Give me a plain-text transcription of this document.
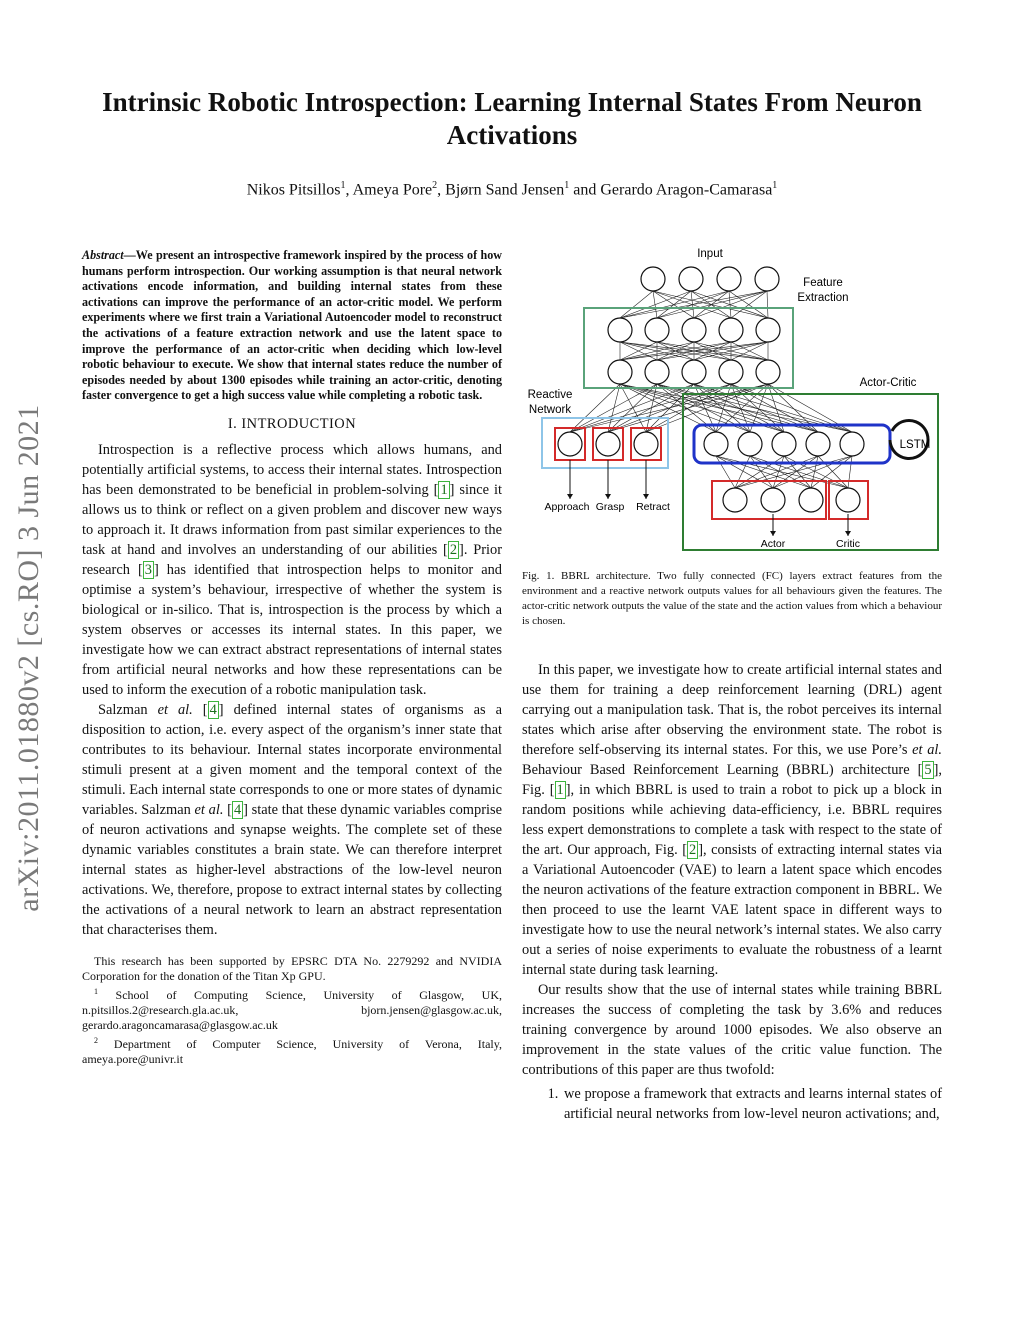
arXiv:2011.01880v2 [cs.RO] 3 Jun 2021
Intrinsic Robotic Introspection: Learning Internal States From Neuron Activations
Nikos Pitsillos$^1$, Ameya Pore$^2$, Bjørn Sand Jensen$^1$ and Gerardo Aragon-Camarasa$^1$

Abstract—We present an introspective framework inspired by the process of how humans perform introspection. Our working assumption is that neural network activations encode information, and building internal states from these activations can improve the performance of an actor-critic model. We perform experiments where we first train a Variational Autoencoder model to reconstruct the activations of a feature extraction network and use the latent space to improve the performance of an actor-critic when deciding which low-level robotic behaviour to execute. We show that internal states reduce the number of episodes needed by about 1300 episodes while training an actor-critic, denoting faster convergence to get a high success value while completing a robotic task.

I. INTRODUCTION

Introspection is a reflective process which allows humans, and potentially artificial systems, to access their internal states. Introspection has been demonstrated to be beneficial in problem-solving [ 1 ] since it allows us to think or reflect on a given problem and discover new ways to approach it. It draws information from past similar experiences to the task at hand and involves an understanding of our abilities [ 2 ]. Prior research [ 3 ] has identified that introspection helps to monitor and optimise a system’s behaviour, irrespective of whether the system is biological or in-silico. That is, introspection is the process by which a system observes or accesses its internal states. In this paper, we investigate how we can extract abstract representations of internal states from artificial neural networks and how these representations can be used to inform the execution of a robotic manipulation task.

Salzman et al. [ 4 ] defined internal states of organisms as a disposition to action, i.e. every aspect of the organism’s inner state that contributes to its behaviour. Internal states incorporate environmental stimuli present at a given moment and the temporal context of the stimuli. Each internal state corresponds to one or more states of dynamic variables. Salzman et al. [ 4 ] state that these dynamic variables comprise of neuron activations and synapse weights. The complete set of these dynamic variables constitutes a brain state. We can therefore interpret internal states as higher-level abstractions of the low-level neuron activations. We, therefore, propose to extract internal states by collecting the activations of a neural network to learn an abstract representation that characterises them.

This research has been supported by EPSRC DTA No. 2279292 and NVIDIA Corporation for the donation of the Titan Xp GPU.

$^1$ School of Computing Science, University of Glasgow, UK, n.pitsillos.2@research.gla.ac.uk, bjorn.jensen@glasgow.ac.uk, gerardo.aragoncamarasa@glasgow.ac.uk

$^2$ Department of Computer Science, University of Verona, Italy, ameya.pore@univr.it

Input
Feature
Extraction
Actor-Critic
Reactive
Network
LSTM
Approach Grasp Retract
Actor	Critic
Fig. 1. BBRL architecture. Two fully connected (FC) layers extract features from the environment and a reactive network outputs values for all behaviours given the features. The actor-critic network outputs the value of the state and the action values from which a behaviour is chosen.

In this paper, we investigate how to create artificial internal states and use them for training a deep reinforcement learning (DRL) agent carrying out a manipulation task. That is, the robot perceives its internal states which arise after observing the environment state. The robot is therefore self-observing its internal states. For this, we use Pore’s et al. Behaviour Based Reinforcement Learning (BBRL) architecture [ 5 ], Fig. [ 1 ], in which BBRL is used to train a robot to pick up a block in random positions while achieving data-efficiency, i.e. BBRL requires less expert demonstrations to complete a task with respect to the state of the art. Our approach, Fig. [ 2 ], consists of extracting internal states via a Variational Autoencoder (VAE) to learn a latent space which encodes the neuron activations of the feature extraction component in BBRL. We then proceed to use the learnt VAE latent space in different ways to investigate how to use the neural network’s internal states. We also carry out a series of noise experiments to evaluate the robustness of a learnt internal state during task learning.

Our results show that the use of internal states while training BBRL increases the success of completing the task by 3.6% and reduces training convergence by around 1000 episodes. We also observe an improvement in the state values of the critic value function. The contributions of this paper are thus twofold:

1. we propose a framework that extracts and learns internal states of artificial neural networks from low-level neuron activations; and,
